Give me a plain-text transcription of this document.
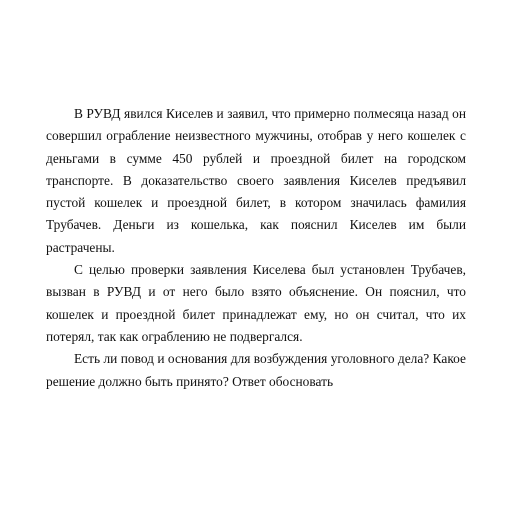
В РУВД явился Киселев и заявил, что примерно полмесяца назад он совершил ограбление неизвестного мужчины, отобрав у него кошелек с деньгами в сумме 450 рублей и проездной билет на городском транспорте. В доказательство своего заявления Киселев предъявил пустой кошелек и проездной билет, в котором значилась фамилия Трубачев. Деньги из кошелька, как пояснил Киселев им были растрачены.

С целью проверки заявления Киселева был установлен Трубачев, вызван в РУВД и от него было взято объяснение. Он пояснил, что кошелек и проездной билет принадлежат ему, но он считал, что их потерял, так как ограблению не подвергался.

Есть ли повод и основания для возбуждения уголовного дела? Какое решение должно быть принято? Ответ обосновать
